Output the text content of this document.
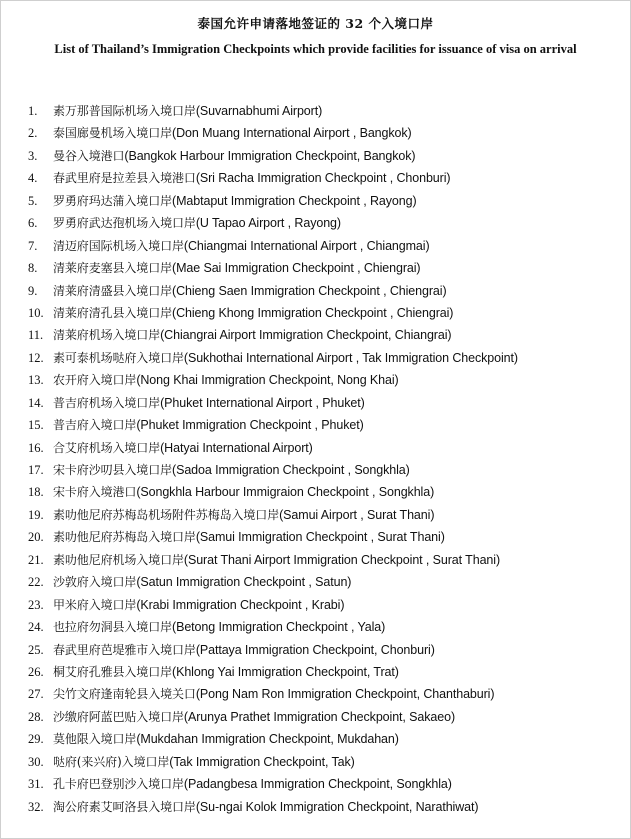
泰国允许申请落地签证的 32 个入境口岸
List of Thailand’s Immigration Checkpoints which provide facilities for issuance of visa on arrival
1. 素万那普国际机场入境口岸(Suvarnabhumi Airport)
2. 泰国廊曼机场入境口岸(Don Muang International Airport , Bangkok)
3. 曼谷入境港口(Bangkok Harbour Immigration Checkpoint, Bangkok)
4. 春武里府是拉差县入境港口(Sri Racha Immigration Checkpoint , Chonburi)
5. 罗勇府玛达蒲入境口岸(Mabtaput Immigration Checkpoint , Rayong)
6. 罗勇府武达孢机场入境口岸(U Tapao Airport , Rayong)
7. 清迈府国际机场入境口岸(Chiangmai International Airport , Chiangmai)
8. 清莱府麦塞县入境口岸(Mae Sai Immigration Checkpoint , Chiengrai)
9. 清莱府清盛县入境口岸(Chieng Saen Immigration Checkpoint , Chiengrai)
10. 清莱府清孔县入境口岸(Chieng Khong Immigration Checkpoint , Chiengrai)
11. 清莱府机场入境口岸(Chiangrai Airport Immigration Checkpoint, Chiangrai)
12. 素可泰机场哒府入境口岸(Sukhothai International Airport , Tak Immigration Checkpoint)
13. 农开府入境口岸(Nong Khai Immigration Checkpoint, Nong Khai)
14. 普吉府机场入境口岸(Phuket International Airport , Phuket)
15. 普吉府入境口岸(Phuket Immigration Checkpoint , Phuket)
16. 合艾府机场入境口岸(Hatyai International Airport)
17. 宋卡府沙叨县入境口岸(Sadoa Immigration Checkpoint , Songkhla)
18. 宋卡府入境港口(Songkhla Harbour Immigraion Checkpoint , Songkhla)
19. 素叻他尼府苏梅岛机场附件苏梅岛入境口岸(Samui Airport , Surat Thani)
20. 素叻他尼府苏梅岛入境口岸(Samui Immigration Checkpoint , Surat Thani)
21. 素叻他尼府机场入境口岸(Surat Thani Airport Immigration Checkpoint , Surat Thani)
22. 沙敦府入境口岸(Satun Immigration Checkpoint , Satun)
23. 甲米府入境口岸(Krabi Immigration Checkpoint , Krabi)
24. 也拉府勿洞县入境口岸(Betong Immigration Checkpoint , Yala)
25. 春武里府芭堤雅市入境口岸(Pattaya Immigration Checkpoint, Chonburi)
26. 桐艾府孔雅县入境口岸(Khlong Yai Immigration Checkpoint, Trat)
27. 尖竹文府逢南轮县入境关口(Pong Nam Ron Immigration Checkpoint, Chanthaburi)
28. 沙缴府阿蓝巴贴入境口岸(Arunya Prathet Immigration Checkpoint, Sakaeo)
29. 莫他限入境口岸(Mukdahan Immigration Checkpoint, Mukdahan)
30. 哒府(来兴府)入境口岸(Tak Immigration Checkpoint, Tak)
31. 孔卡府巴登别沙入境口岸(Padangbesa Immigration Checkpoint, Songkhla)
32. 淘公府素艾呵洛县入境口岸(Su-ngai Kolok Immigration Checkpoint, Narathiwat)
